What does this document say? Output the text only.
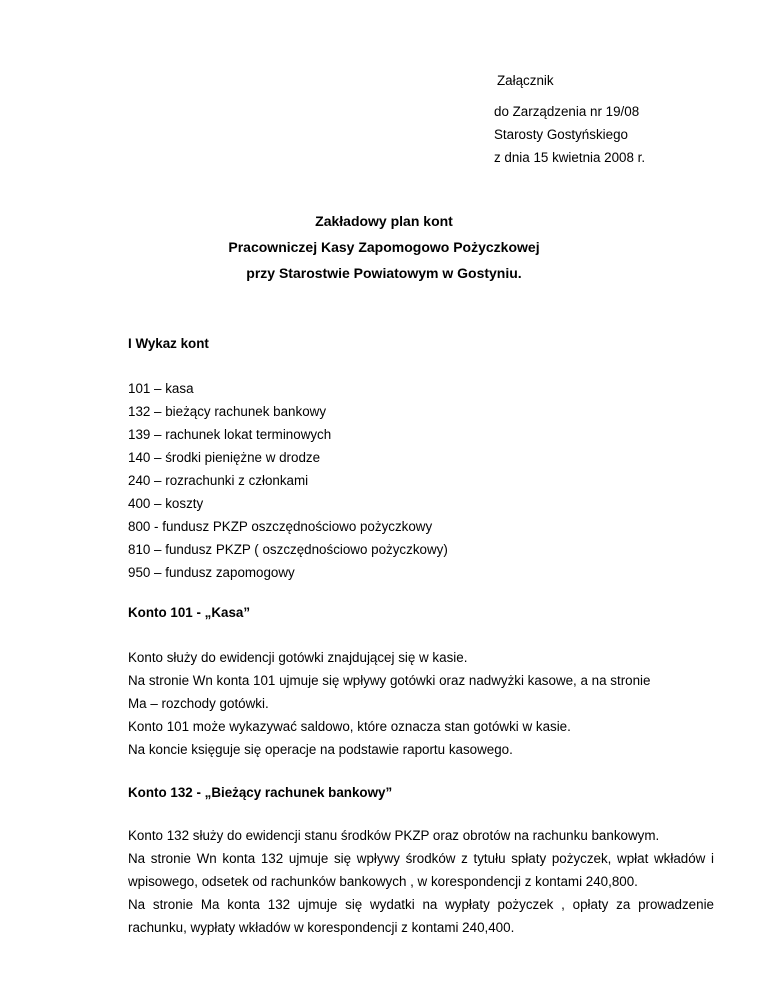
Załącznik
do Zarządzenia nr 19/08
Starosty Gostyńskiego
z dnia 15 kwietnia 2008 r.
Zakładowy plan kont
Pracowniczej Kasy Zapomogowo Pożyczkowej
przy Starostwie Powiatowym w Gostyniu.
I Wykaz kont
101 – kasa
132 – bieżący rachunek bankowy
139 – rachunek lokat terminowych
140 – środki pieniężne w drodze
240 – rozrachunki z członkami
400 – koszty
800 - fundusz PKZP oszczędnościowo pożyczkowy
810 – fundusz PKZP ( oszczędnościowo pożyczkowy)
950 – fundusz zapomogowy
Konto 101 - „Kasa”
Konto służy do ewidencji gotówki znajdującej się w kasie.
Na stronie Wn konta 101 ujmuje się wpływy gotówki oraz nadwyżki kasowe, a na stronie
Ma – rozchody gotówki.
Konto 101 może wykazywać saldowo, które oznacza stan gotówki w kasie.
Na koncie księguje się operacje na podstawie raportu kasowego.
Konto 132 - „Bieżący rachunek bankowy”
Konto 132 służy do ewidencji stanu środków PKZP oraz obrotów na rachunku bankowym.
Na stronie Wn konta 132 ujmuje się wpływy środków z tytułu spłaty pożyczek, wpłat wkładów i wpisowego, odsetek od rachunków bankowych , w korespondencji z kontami 240,800.
Na stronie Ma konta 132 ujmuje się wydatki na wypłaty pożyczek , opłaty za prowadzenie rachunku, wypłaty wkładów w korespondencji z kontami 240,400.
